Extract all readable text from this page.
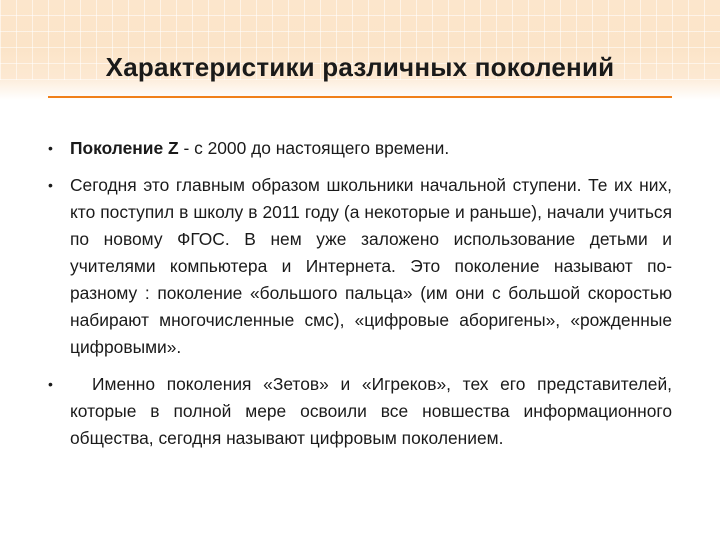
Характеристики различных поколений
• Поколение Z - с 2000 до настоящего времени.
• Сегодня это главным образом школьники начальной ступени. Те их них, кто поступил в школу в 2011 году (а некоторые и раньше), начали учиться по новому ФГОС. В нем уже заложено использование детьми и учителями компьютера и Интернета. Это поколение называют по-разному : поколение «большого пальца» (им они с большой скоростью набирают многочисленные смс), «цифровые аборигены», «рожденные цифровыми».
•	Именно поколения «Зетов» и «Игреков», тех его представителей, которые в полной мере освоили все новшества информационного общества, сегодня называют цифровым поколением.
